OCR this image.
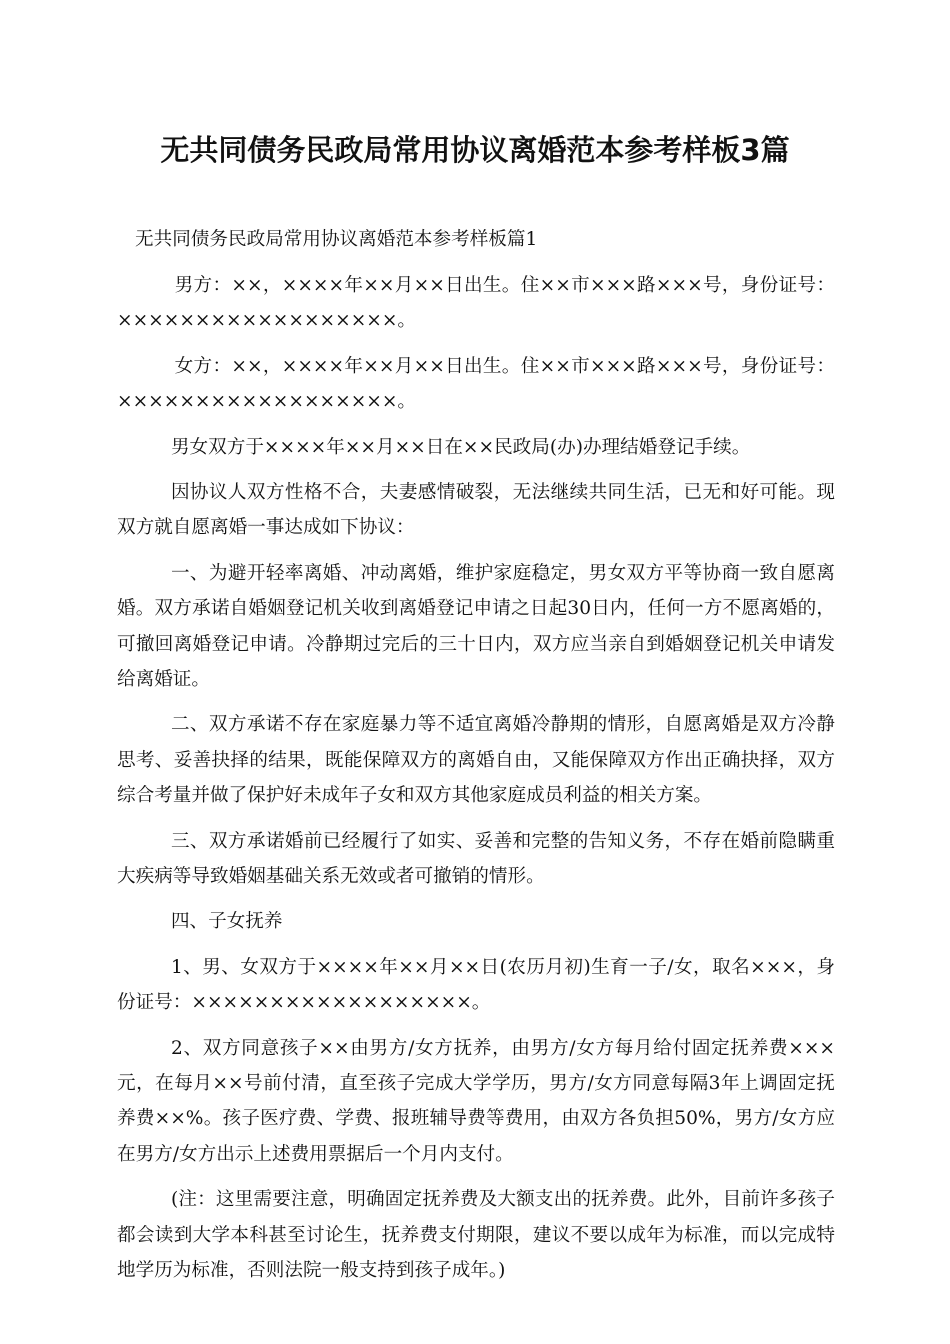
无共同债务民政局常用协议离婚范本参考样板3篇

无共同债务民政局常用协议离婚范本参考样板篇1

男方：××，××××年××月××日出生。住××市×××路×××号，身份证号：××××××××××××××××××。

女方：××，××××年××月××日出生。住××市×××路×××号，身份证号：××××××××××××××××××。

男女双方于××××年××月××日在××民政局(办)办理结婚登记手续。

因协议人双方性格不合，夫妻感情破裂，无法继续共同生活，已无和好可能。现双方就自愿离婚一事达成如下协议：

一、为避开轻率离婚、冲动离婚，维护家庭稳定，男女双方平等协商一致自愿离婚。双方承诺自婚姻登记机关收到离婚登记申请之日起30日内，任何一方不愿离婚的，可撤回离婚登记申请。冷静期过完后的三十日内，双方应当亲自到婚姻登记机关申请发给离婚证。

二、双方承诺不存在家庭暴力等不适宜离婚冷静期的情形，自愿离婚是双方冷静思考、妥善抉择的结果，既能保障双方的离婚自由，又能保障双方作出正确抉择，双方综合考量并做了保护好未成年子女和双方其他家庭成员利益的相关方案。

三、双方承诺婚前已经履行了如实、妥善和完整的告知义务，不存在婚前隐瞒重大疾病等导致婚姻基础关系无效或者可撤销的情形。

四、子女抚养

1、男、女双方于××××年××月××日(农历月初)生育一子/女，取名×××，身份证号：××××××××××××××××××。

2、双方同意孩子××由男方/女方抚养，由男方/女方每月给付固定抚养费×××元，在每月××号前付清，直至孩子完成大学学历，男方/女方同意每隔3年上调固定抚养费××%。孩子医疗费、学费、报班辅导费等费用，由双方各负担50%，男方/女方应在男方/女方出示上述费用票据后一个月内支付。

(注：这里需要注意，明确固定抚养费及大额支出的抚养费。此外，目前许多孩子都会读到大学本科甚至讨论生，抚养费支付期限，建议不要以成年为标准，而以完成特地学历为标准，否则法院一般支持到孩子成年。)
